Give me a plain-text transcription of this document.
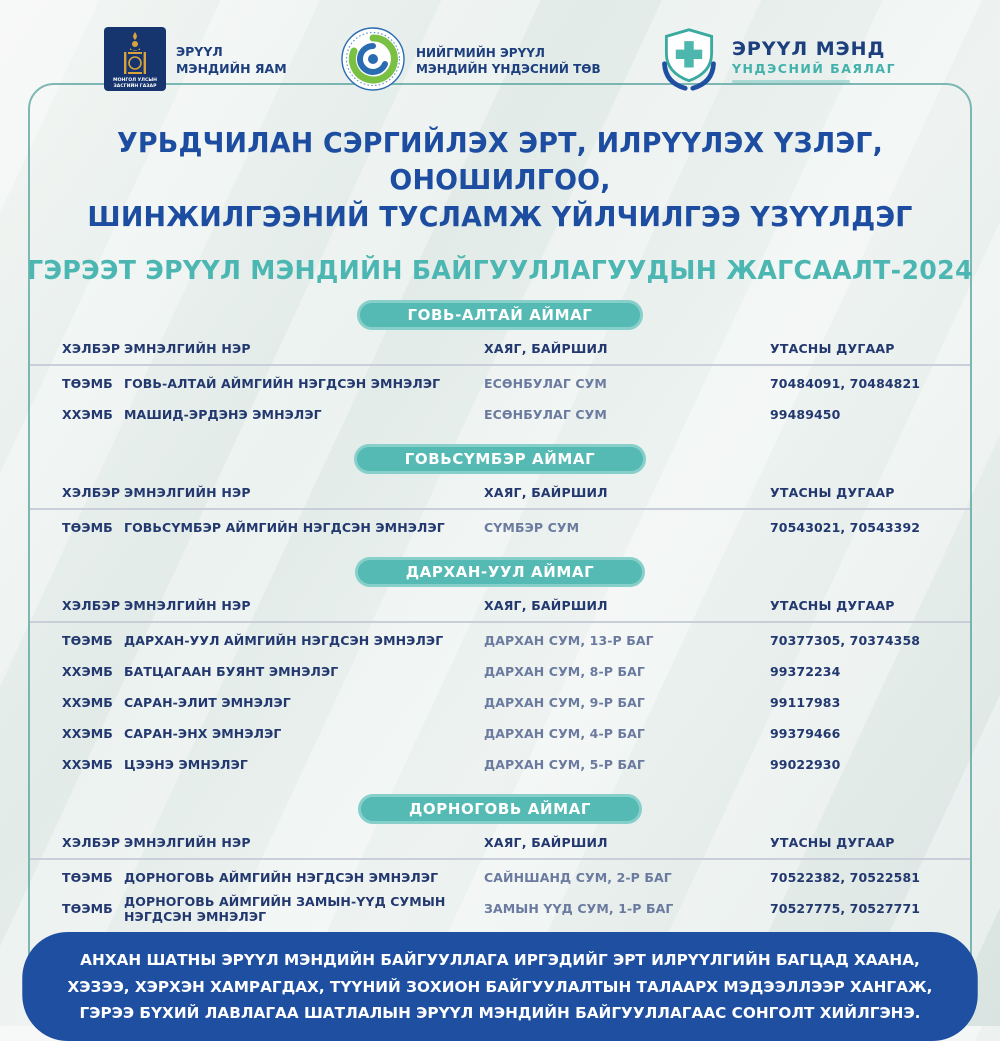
МОНГОЛ УЛСЫН
ЗАСГИЙН ГАЗАР
ЭРҮҮЛ МЭНДИЙН ЯАМ
НИЙГМИЙН ЭРҮҮЛ МЭНДИЙН ҮНДЭСНИЙ ТӨВ
ЭРҮҮЛ МЭНД
ҮНДЭСНИЙ БАЯЛАГ
УРЬДЧИЛАН СЭРГИЙЛЭХ ЭРТ, ИЛРҮҮЛЭХ ҮЗЛЭГ, ОНОШИЛГОО,
ШИНЖИЛГЭЭНИЙ ТУСЛАМЖ ҮЙЛЧИЛГЭЭ ҮЗҮҮЛДЭГ
ГЭРЭЭТ ЭРҮҮЛ МЭНДИЙН БАЙГУУЛЛАГУУДЫН ЖАГСААЛТ-2024
ГОВЬ-АЛТАЙ АЙМАГ
ХЭЛБЭР ЭМНЭЛГИЙН НЭР	ХАЯГ, БАЙРШИЛ	УТАСНЫ ДУГААР
ТӨЭМБ ГОВЬ-АЛТАЙ АЙМГИЙН НЭГДСЭН ЭМНЭЛЭГ	ЕСӨНБУЛАГ СУМ	70484091, 70484821
ХХЭМБ МАШИД-ЭРДЭНЭ ЭМНЭЛЭГ	ЕСӨНБУЛАГ СУМ	99489450
ГОВЬСҮМБЭР АЙМАГ
ХЭЛБЭР ЭМНЭЛГИЙН НЭР	ХАЯГ, БАЙРШИЛ	УТАСНЫ ДУГААР
ТӨЭМБ ГОВЬСҮМБЭР АЙМГИЙН НЭГДСЭН ЭМНЭЛЭГ	СҮМБЭР СУМ	70543021, 70543392
ДАРХАН-УУЛ АЙМАГ
ХЭЛБЭР ЭМНЭЛГИЙН НЭР	ХАЯГ, БАЙРШИЛ	УТАСНЫ ДУГААР
ТӨЭМБ ДАРХАН-УУЛ АЙМГИЙН НЭГДСЭН ЭМНЭЛЭГ	ДАРХАН СУМ, 13-Р БАГ	70377305, 70374358
ХХЭМБ БАТЦАГААН БУЯНТ ЭМНЭЛЭГ	ДАРХАН СУМ, 8-Р БАГ	99372234
ХХЭМБ САРАН-ЭЛИТ ЭМНЭЛЭГ	ДАРХАН СУМ, 9-Р БАГ	99117983
ХХЭМБ САРАН-ЭНХ ЭМНЭЛЭГ	ДАРХАН СУМ, 4-Р БАГ	99379466
ХХЭМБ ЦЭЭНЭ ЭМНЭЛЭГ	ДАРХАН СУМ, 5-Р БАГ	99022930
ДОРНОГОВЬ АЙМАГ
ХЭЛБЭР ЭМНЭЛГИЙН НЭР	ХАЯГ, БАЙРШИЛ	УТАСНЫ ДУГААР
ТӨЭМБ ДОРНОГОВЬ АЙМГИЙН НЭГДСЭН ЭМНЭЛЭГ	САЙНШАНД СУМ, 2-Р БАГ	70522382, 70522581
ТӨЭМБ ДОРНОГОВЬ АЙМГИЙН ЗАМЫН-ҮҮД СУМЫН НЭГДСЭН ЭМНЭЛЭГ	ЗАМЫН ҮҮД СУМ, 1-Р БАГ	70527775, 70527771
АНХАН ШАТНЫ ЭРҮҮЛ МЭНДИЙН БАЙГУУЛЛАГА ИРГЭДИЙГ ЭРТ ИЛРҮҮЛГИЙН БАГЦАД ХААНА, ХЭЗЭЭ, ХЭРХЭН ХАМРАГДАХ, ТҮҮНИЙ ЗОХИОН БАЙГУУЛАЛТЫН ТАЛААРХ МЭДЭЭЛЛЭЭР ХАНГАЖ, ГЭРЭЭ БҮХИЙ ЛАВЛАГАА ШАТЛАЛЫН ЭРҮҮЛ МЭНДИЙН БАЙГУУЛЛАГААС СОНГОЛТ ХИЙЛГЭНЭ.
